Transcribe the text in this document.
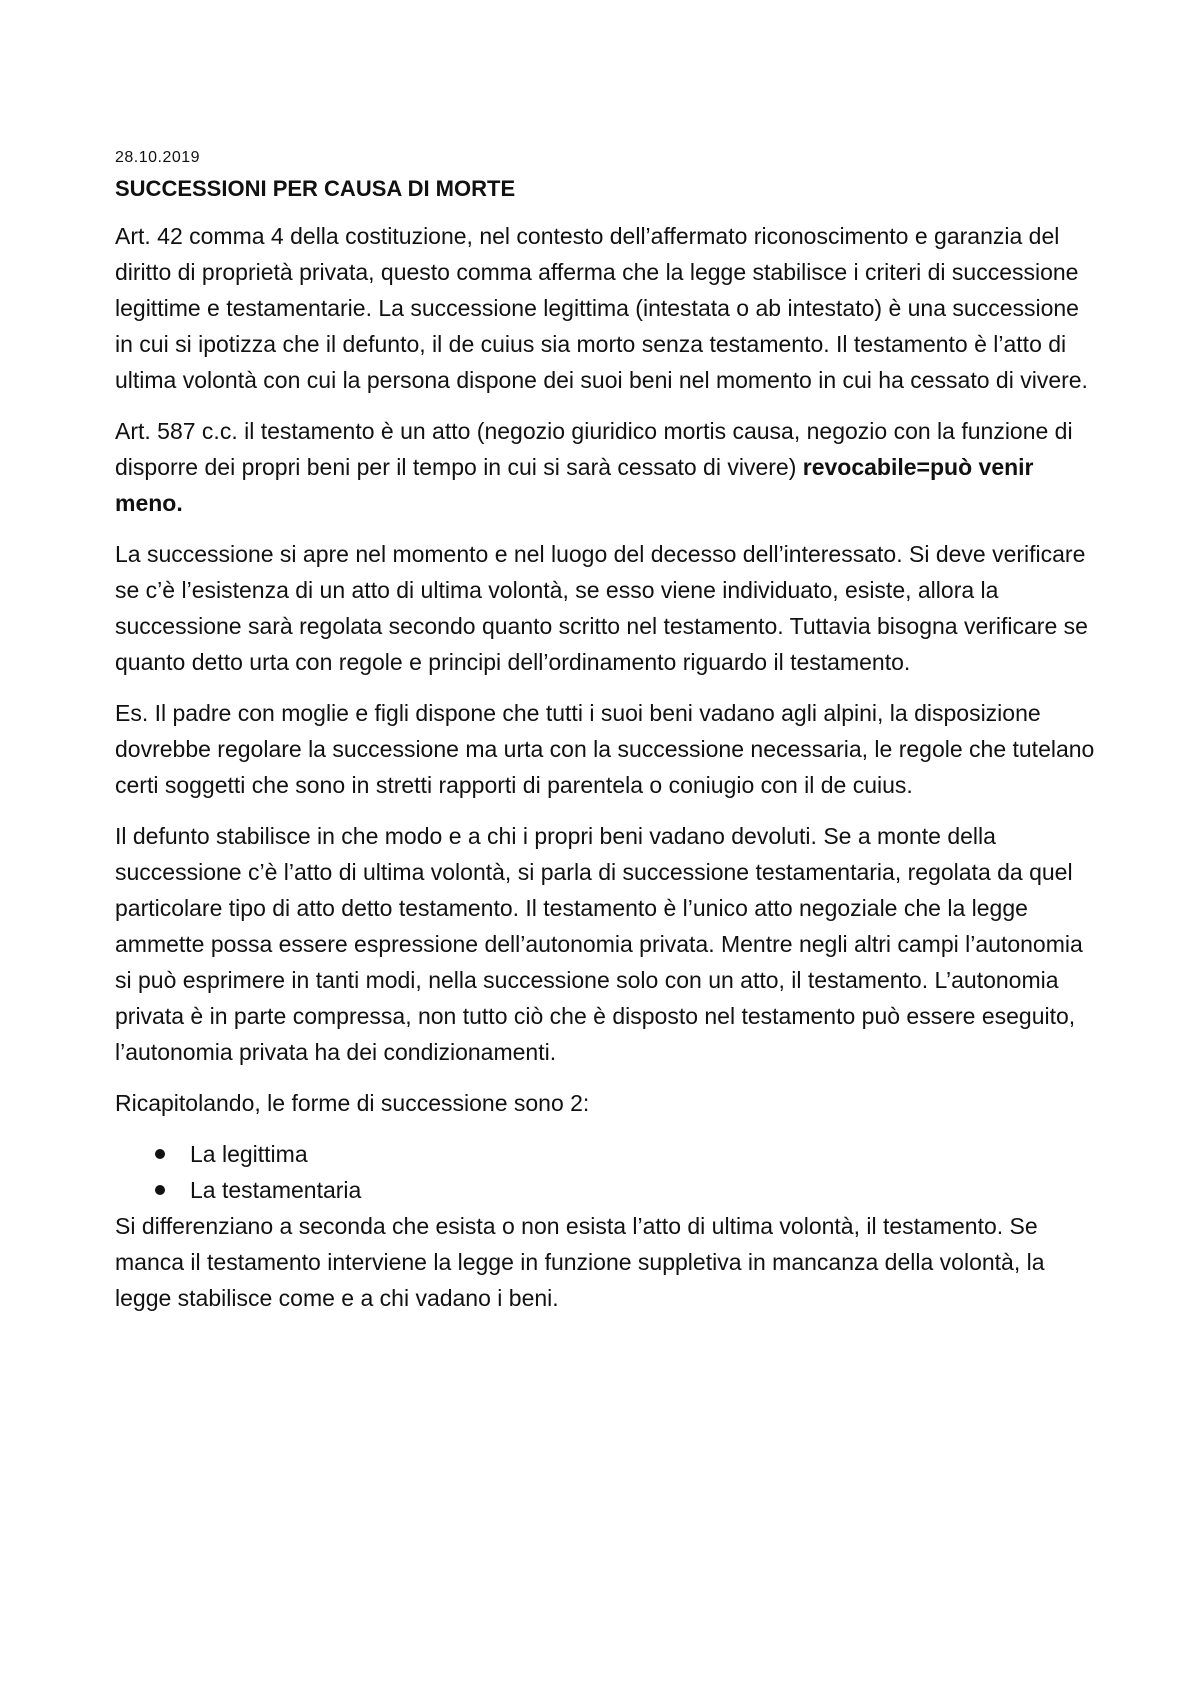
28.10.2019
SUCCESSIONI PER CAUSA DI MORTE

Art. 42 comma 4 della costituzione, nel contesto dell’affermato riconoscimento e garanzia del diritto di proprietà privata, questo comma afferma che la legge stabilisce i criteri di successione legittime e testamentarie. La successione legittima (intestata o ab intestato) è una successione in cui si ipotizza che il defunto, il de cuius sia morto senza testamento. Il testamento è l’atto di ultima volontà con cui la persona dispone dei suoi beni nel momento in cui ha cessato di vivere.

Art. 587 c.c. il testamento è un atto (negozio giuridico mortis causa, negozio con la funzione di disporre dei propri beni per il tempo in cui si sarà cessato di vivere) revocabile=può venir meno.

La successione si apre nel momento e nel luogo del decesso dell’interessato. Si deve verificare se c’è l’esistenza di un atto di ultima volontà, se esso viene individuato, esiste, allora la successione sarà regolata secondo quanto scritto nel testamento. Tuttavia bisogna verificare se quanto detto urta con regole e principi dell’ordinamento riguardo il testamento.

Es. Il padre con moglie e figli dispone che tutti i suoi beni vadano agli alpini, la disposizione dovrebbe regolare la successione ma urta con la successione necessaria, le regole che tutelano certi soggetti che sono in stretti rapporti di parentela o coniugio con il de cuius.

Il defunto stabilisce in che modo e a chi i propri beni vadano devoluti. Se a monte della successione c’è l’atto di ultima volontà, si parla di successione testamentaria, regolata da quel particolare tipo di atto detto testamento. Il testamento è l’unico atto negoziale che la legge ammette possa essere espressione dell’autonomia privata. Mentre negli altri campi l’autonomia si può esprimere in tanti modi, nella successione solo con un atto, il testamento. L’autonomia privata è in parte compressa, non tutto ciò che è disposto nel testamento può essere eseguito, l’autonomia privata ha dei condizionamenti.

Ricapitolando, le forme di successione sono 2:

La legittima
La testamentaria

Si differenziano a seconda che esista o non esista l’atto di ultima volontà, il testamento. Se manca il testamento interviene la legge in funzione suppletiva in mancanza della volontà, la legge stabilisce come e a chi vadano i beni.
